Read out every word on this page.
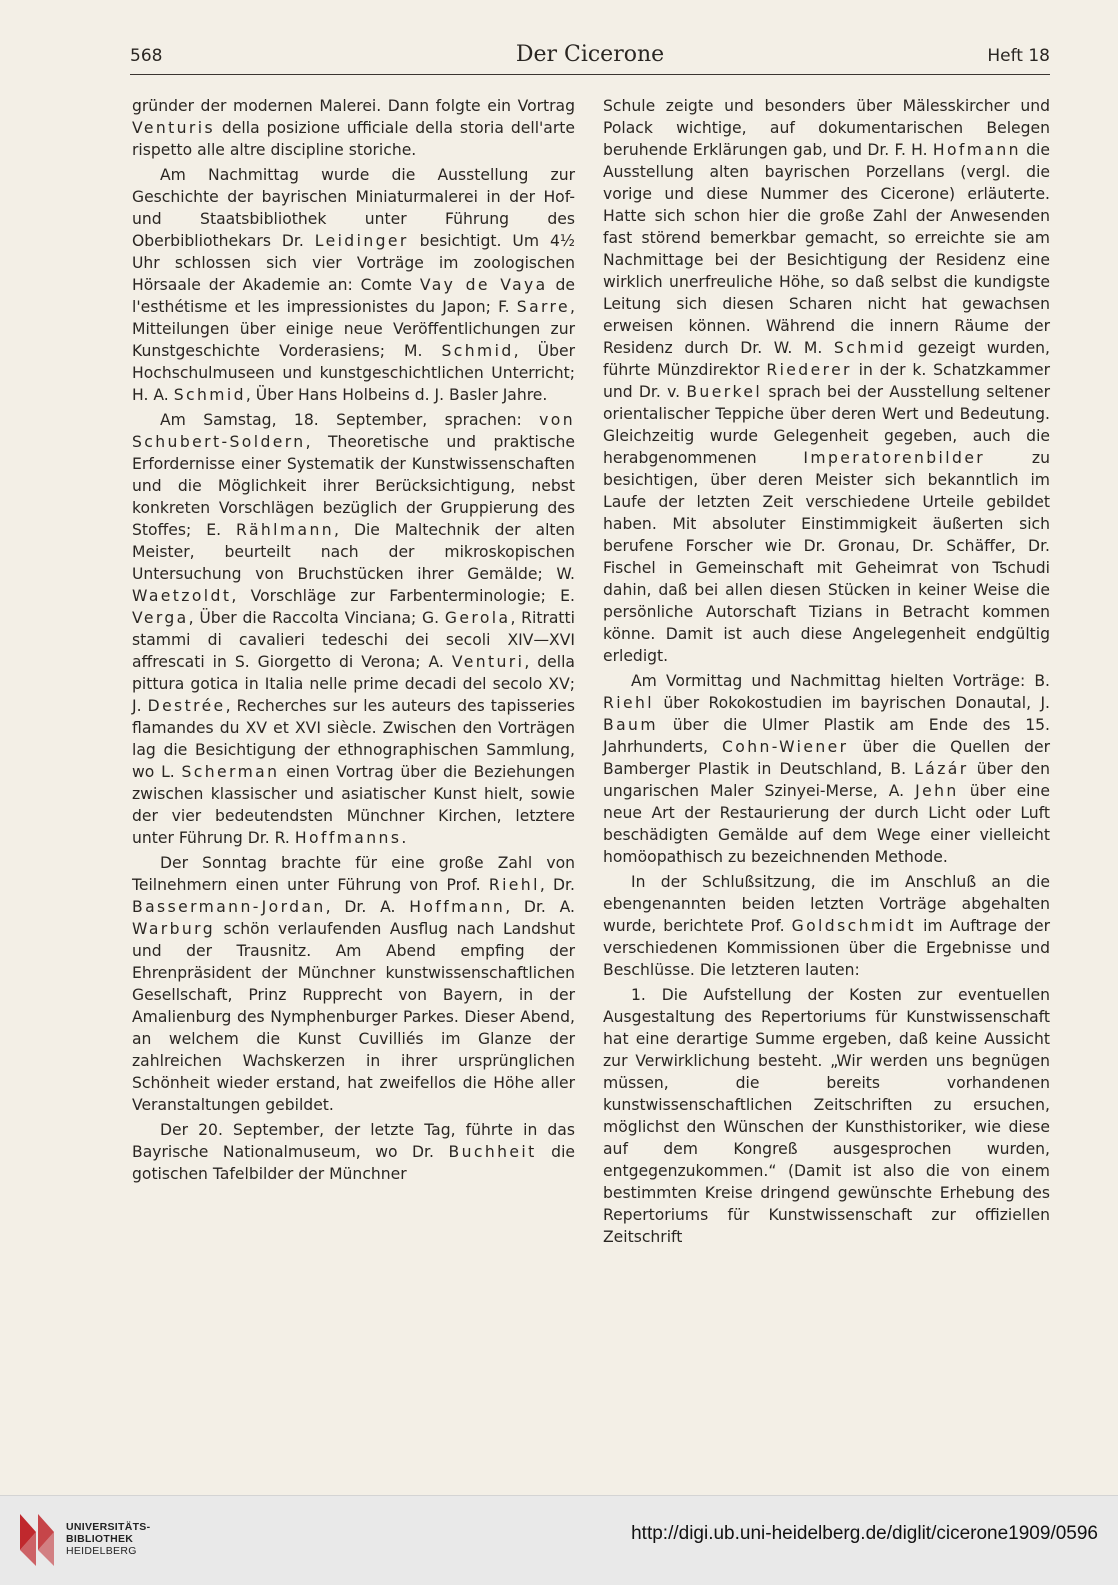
568	Der Cicerone	Heft 18

gründer der modernen Malerei. Dann folgte ein Vortrag Venturis della posizione ufficiale della storia dell'arte rispetto alle altre discipline storiche.

Am Nachmittag wurde die Ausstellung zur Geschichte der bayrischen Miniaturmalerei in der Hof- und Staatsbibliothek unter Führung des Oberbibliothekars Dr. Leidinger besichtigt. Um 4½ Uhr schlossen sich vier Vorträge im zoologischen Hörsaale der Akademie an: Comte Vay de Vaya de l'esthétisme et les impressionistes du Japon; F. Sarre, Mitteilungen über einige neue Veröffentlichungen zur Kunstgeschichte Vorderasiens; M. Schmid, Über Hochschulmuseen und kunstgeschichtlichen Unterricht; H. A. Schmid, Über Hans Holbeins d. J. Basler Jahre.

Am Samstag, 18. September, sprachen: von Schubert-Soldern, Theoretische und praktische Erfordernisse einer Systematik der Kunstwissenschaften und die Möglichkeit ihrer Berücksichtigung, nebst konkreten Vorschlägen bezüglich der Gruppierung des Stoffes; E. Rählmann, Die Maltechnik der alten Meister, beurteilt nach der mikroskopischen Untersuchung von Bruchstücken ihrer Gemälde; W. Waetzoldt, Vorschläge zur Farbenterminologie; E. Verga, Über die Raccolta Vinciana; G. Gerola, Ritratti stammi di cavalieri tedeschi dei secoli XIV—XVI affrescati in S. Giorgetto di Verona; A. Venturi, della pittura gotica in Italia nelle prime decadi del secolo XV; J. Destrée, Recherches sur les auteurs des tapisseries flamandes du XV et XVI siècle. Zwischen den Vorträgen lag die Besichtigung der ethnographischen Sammlung, wo L. Scherman einen Vortrag über die Beziehungen zwischen klassischer und asiatischer Kunst hielt, sowie der vier bedeutendsten Münchner Kirchen, letztere unter Führung Dr. R. Hoffmanns.

Der Sonntag brachte für eine große Zahl von Teilnehmern einen unter Führung von Prof. Riehl, Dr. Bassermann-Jordan, Dr. A. Hoffmann, Dr. A. Warburg schön verlaufenden Ausflug nach Landshut und der Trausnitz. Am Abend empfing der Ehrenpräsident der Münchner kunstwissenschaftlichen Gesellschaft, Prinz Rupprecht von Bayern, in der Amalienburg des Nymphenburger Parkes. Dieser Abend, an welchem die Kunst Cuvilliés im Glanze der zahlreichen Wachskerzen in ihrer ursprünglichen Schönheit wieder erstand, hat zweifellos die Höhe aller Veranstaltungen gebildet.

Der 20. September, der letzte Tag, führte in das Bayrische Nationalmuseum, wo Dr. Buchheit die gotischen Tafelbilder der Münchner

Schule zeigte und besonders über Mälesskircher und Polack wichtige, auf dokumentarischen Belegen beruhende Erklärungen gab, und Dr. F. H. Hofmann die Ausstellung alten bayrischen Porzellans (vergl. die vorige und diese Nummer des Cicerone) erläuterte. Hatte sich schon hier die große Zahl der Anwesenden fast störend bemerkbar gemacht, so erreichte sie am Nachmittage bei der Besichtigung der Residenz eine wirklich unerfreuliche Höhe, so daß selbst die kundigste Leitung sich diesen Scharen nicht hat gewachsen erweisen können. Während die innern Räume der Residenz durch Dr. W. M. Schmid gezeigt wurden, führte Münzdirektor Riederer in der k. Schatzkammer und Dr. v. Buerkel sprach bei der Ausstellung seltener orientalischer Teppiche über deren Wert und Bedeutung. Gleichzeitig wurde Gelegenheit gegeben, auch die herabgenommenen Imperatorenbilder zu besichtigen, über deren Meister sich bekanntlich im Laufe der letzten Zeit verschiedene Urteile gebildet haben. Mit absoluter Einstimmigkeit äußerten sich berufene Forscher wie Dr. Gronau, Dr. Schäffer, Dr. Fischel in Gemeinschaft mit Geheimrat von Tschudi dahin, daß bei allen diesen Stücken in keiner Weise die persönliche Autorschaft Tizians in Betracht kommen könne. Damit ist auch diese Angelegenheit endgültig erledigt.

Am Vormittag und Nachmittag hielten Vorträge: B. Riehl über Rokokostudien im bayrischen Donautal, J. Baum über die Ulmer Plastik am Ende des 15. Jahrhunderts, Cohn-Wiener über die Quellen der Bamberger Plastik in Deutschland, B. Lázár über den ungarischen Maler Szinyei-Merse, A. Jehn über eine neue Art der Restaurierung der durch Licht oder Luft beschädigten Gemälde auf dem Wege einer vielleicht homöopathisch zu bezeichnenden Methode.

In der Schlußsitzung, die im Anschluß an die ebengenannten beiden letzten Vorträge abgehalten wurde, berichtete Prof. Goldschmidt im Auftrage der verschiedenen Kommissionen über die Ergebnisse und Beschlüsse. Die letzteren lauten:

1. Die Aufstellung der Kosten zur eventuellen Ausgestaltung des Repertoriums für Kunstwissenschaft hat eine derartige Summe ergeben, daß keine Aussicht zur Verwirklichung besteht. „Wir werden uns begnügen müssen, die bereits vorhandenen kunstwissenschaftlichen Zeitschriften zu ersuchen, möglichst den Wünschen der Kunsthistoriker, wie diese auf dem Kongreß ausgesprochen wurden, entgegenzukommen.“ (Damit ist also die von einem bestimmten Kreise dringend gewünschte Erhebung des Repertoriums für Kunstwissenschaft zur offiziellen Zeitschrift

UNIVERSITÄTS-
BIBLIOTHEK
HEIDELBERG
http://digi.ub.uni-heidelberg.de/diglit/cicerone1909/0596
